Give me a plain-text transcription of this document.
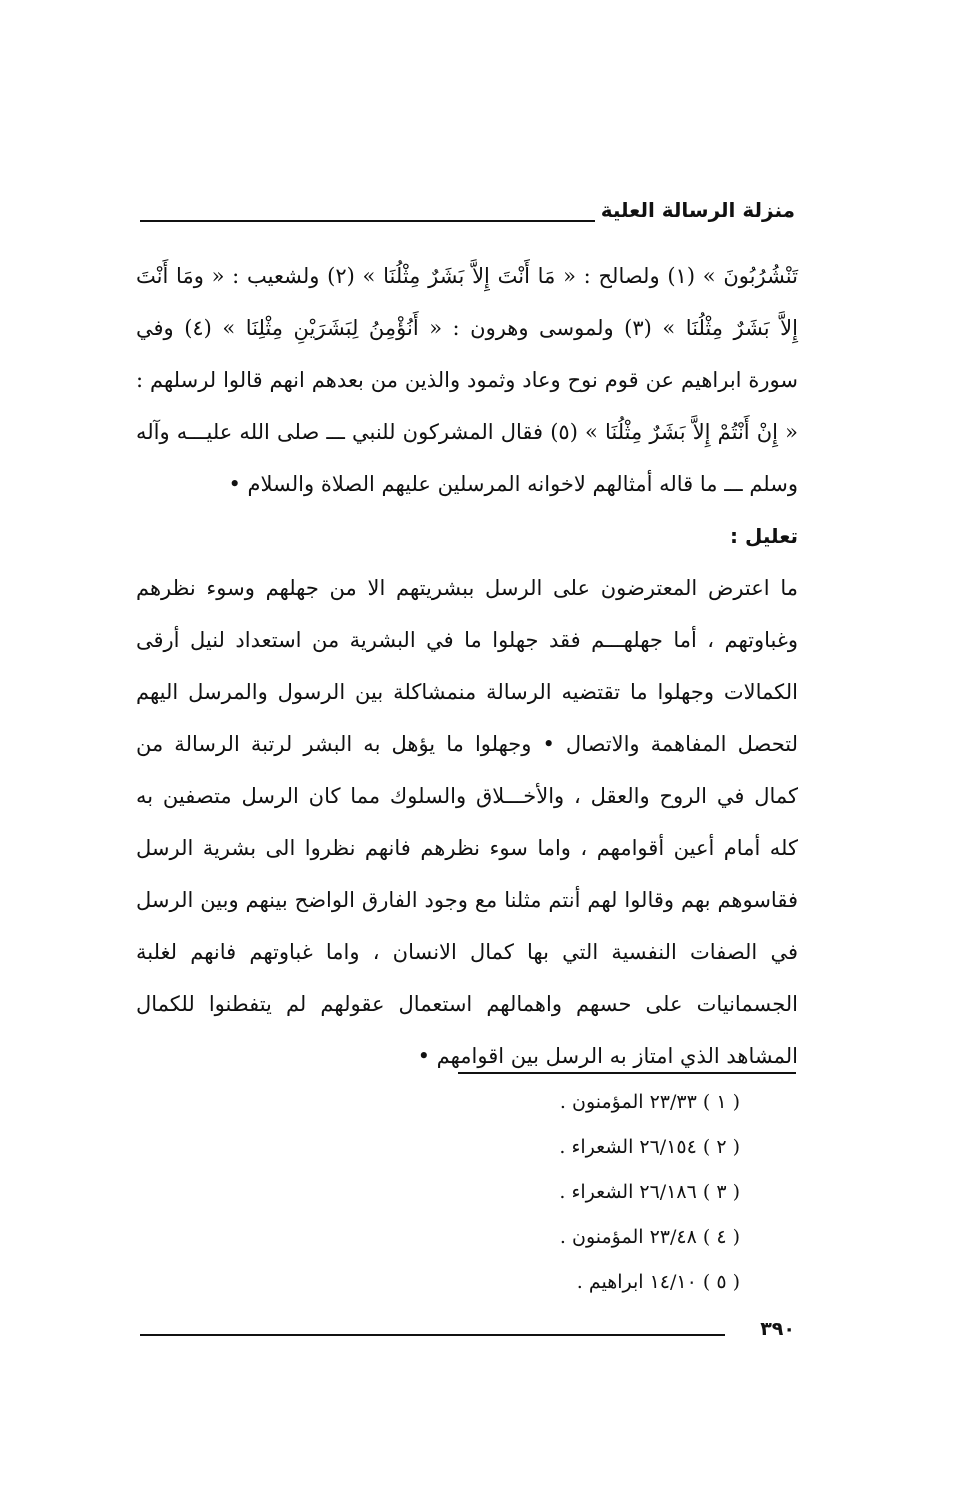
منزلة الرسالة العلية

تَنْشُرُبُونَ » (١) ولصالح : « مَا أَنْتَ إِلاَّ بَشَرٌ مِثْلُنَا » (٢) ولشعيب : « ومَا أَنْتَ إِلاَّ بَشَرٌ مِثْلُنَا » (٣) ولموسى وهرون : « أَنُؤْمِنُ لِبَشَرَيْنِ مِثْلِنَا » (٤) وفي سورة ابراهيم عن قوم نوح وعاد وثمود والذين من بعدهم انهم قالوا لرسلهم : « إِنْ أَنْتُمْ إِلاَّ بَشَرٌ مِثْلُنَا » (٥) فقال المشركون للنبي ـــ صلى الله عليـــه وآله وسلم ـــ ما قاله أمثالهم لاخوانه المرسلين عليهم الصلاة والسلام •

تعليل :

ما اعترض المعترضون على الرسل ببشريتهم الا من جهلهم وسوء نظرهم وغباوتهم ، أما جهلهـــم فقد جهلوا ما في البشرية من استعداد لنيل أرقى الكمالات وجهلوا ما تقتضيه الرسالة منمشاكلة بين الرسول والمرسل اليهم لتحصل المفاهمة والاتصال • وجهلوا ما يؤهل به البشر لرتبة الرسالة من كمال في الروح والعقل ، والأخـــلاق والسلوك مما كان الرسل متصفين به كله أمام أعين أقوامهم ، واما سوء نظرهم فانهم نظروا الى بشرية الرسل فقاسوهم بهم وقالوا لهم أنتم مثلنا مع وجود الفارق الواضح بينهم وبين الرسل في الصفات النفسية التي بها كمال الانسان ، واما غباوتهم فانهم لغلبة الجسمانيات على حسهم واهمالهم استعمال عقولهم لم يتفطنوا للكمال المشاهد الذي امتاز به الرسل بين اقوامهم •

( ١ ) ٢٣/٣٣ المؤمنون .
( ٢ ) ٢٦/١٥٤ الشعراء .
( ٣ ) ٢٦/١٨٦ الشعراء .
( ٤ ) ٢٣/٤٨ المؤمنون .
( ٥ ) ١٤/١٠ ابراهيم .
٣٩٠
